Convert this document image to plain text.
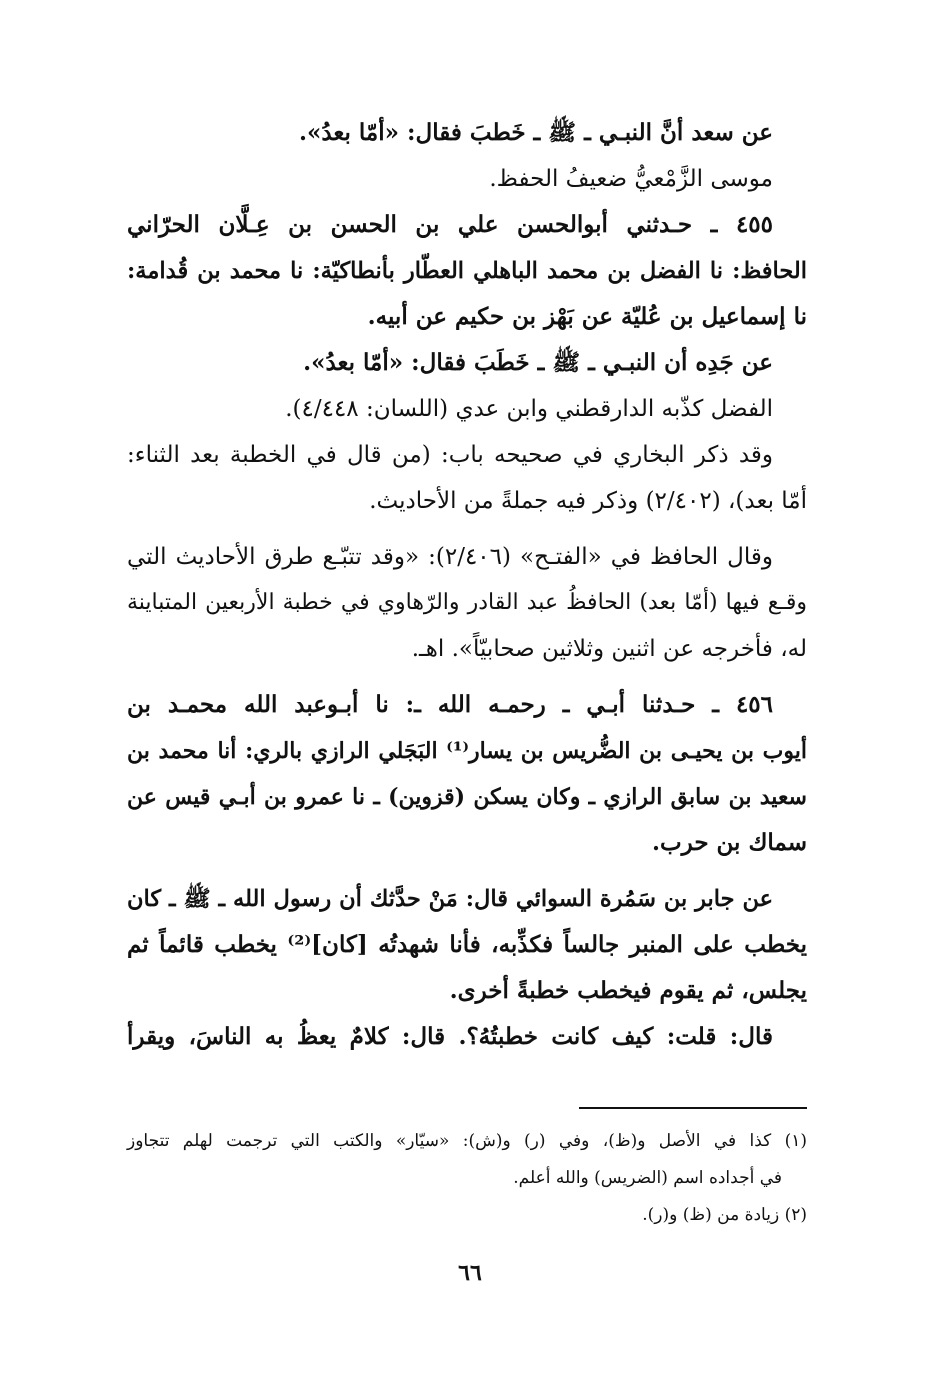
عن سعد أنَّ النبـي ـ ﷺ ـ خَطبَ فقال: «أمّا بعدُ».
موسى الزَّمْعيُّ ضعيفُ الحفظ.
٤٥٥ ـ حـدثني أبوالحسن علي بن الحسن بن عِـلَّان الحرّاني
الحافظ: نا الفضل بن محمد الباهلي العطّار بأنطاكيّة: نا محمد بن قُدامة:
نا إسماعيل بن عُليّة عن بَهْز بن حكيم عن أبيه.
عن جَدِه أن النبـي ـ ﷺ ـ خَطَبَ فقال: «أمّا بعدُ».
الفضل كذّبه الدارقطني وابن عدي (اللسان: ٤/٤٤٨).
وقد ذكر البخاري في صحيحه باب: (من قال في الخطبة بعد الثناء:
أمّا بعد)، (٢/٤٠٢) وذكر فيه جملةً من الأحاديث.
وقال الحافظ في «الفتـح» (٢/٤٠٦): «وقد تتبّـع طرق الأحاديث التي
وقـع فيها (أمّا بعد) الحافظُ عبد القادر والرّهاوي في خطبة الأربعين المتباينة
له، فأخرجه عن اثنين وثلاثين صحابيّاً». اهـ.
٤٥٦ ـ حـدثنا أبـي ـ رحمـه الله ـ: نا أبـوعبد الله محمـد بن
أيوب بن يحيـى بن الضُّريس بن يسار⁽¹⁾ البَجَلي الرازي بالري: أنا محمد بن
سعيد بن سابق الرازي ـ وكان يسكن (قزوين) ـ نا عمرو بن أبـي قيس عن
سماك بن حرب.
عن جابر بن سَمُرة السوائي قال: مَنْ حدَّثك أن رسول الله ـ ﷺ ـ كان
يخطب على المنبر جالساً فكذِّبه، فأنا شهدتُه [كان]⁽²⁾ يخطب قائماً ثم
يجلس، ثم يقوم فيخطب خطبةً أخرى.
قال: قلت: كيف كانت خطبتُهُ؟. قال: كلامٌ يعظُ به الناسَ، ويقرأ
(١) كذا في الأصل و(ظ)، وفي (ر) و(ش): «سيّار» والكتب التي ترجمت لهلم تتجاوز
في أجداده اسم (الضريس) والله أعلم.
(٢) زيادة من (ظ) و(ر).
٦٦
